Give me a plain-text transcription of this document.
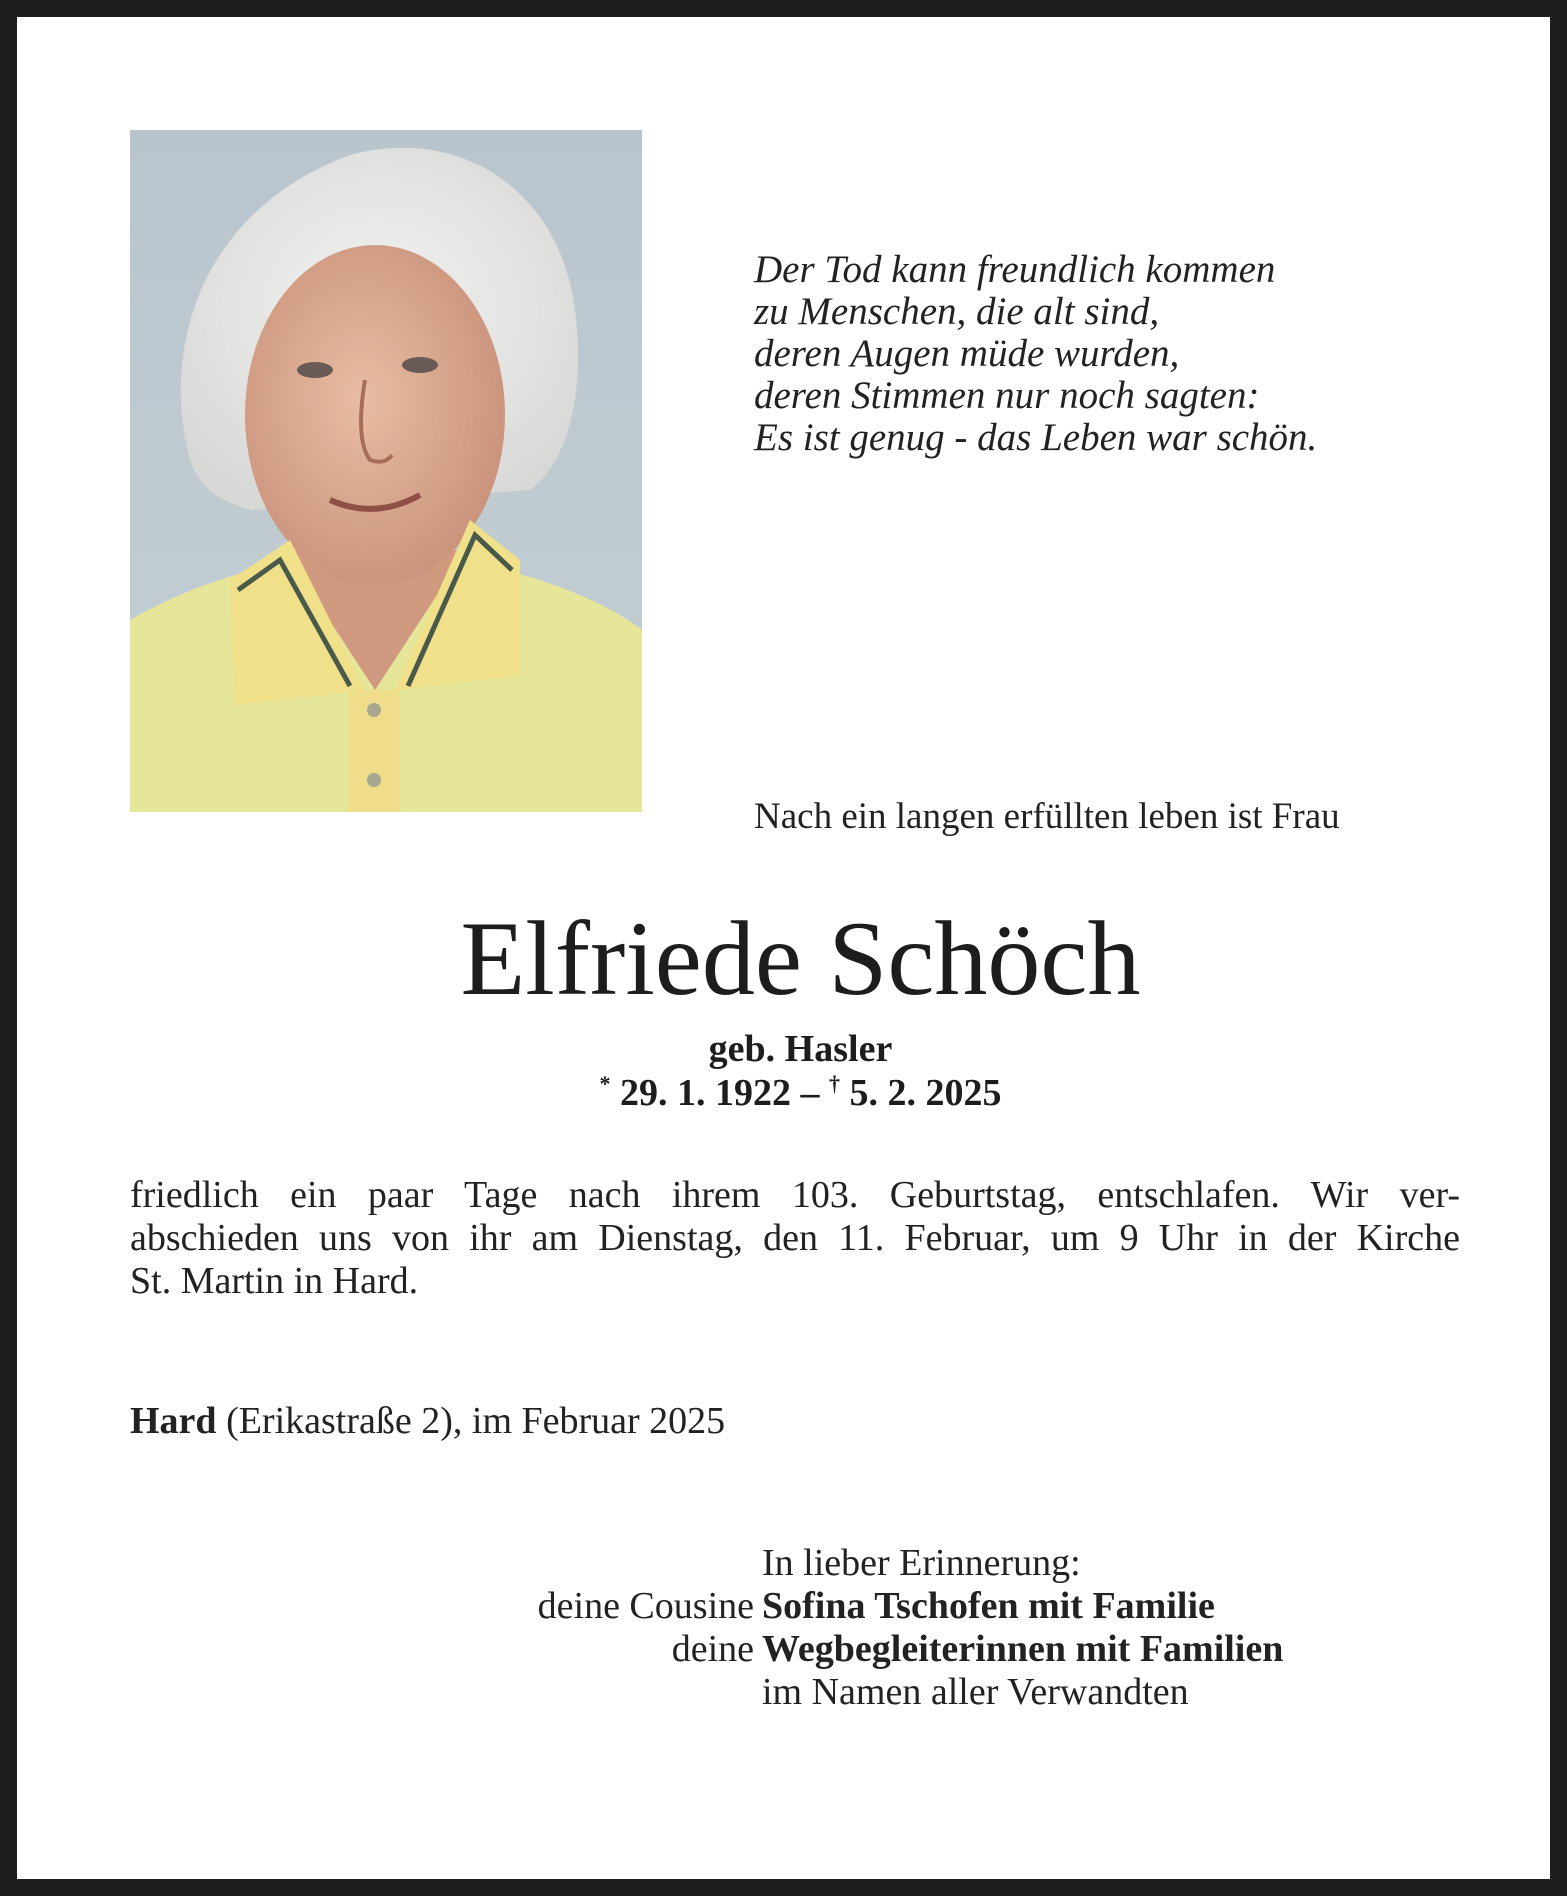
Der Tod kann freundlich kommen
zu Menschen, die alt sind,
deren Augen müde wurden,
deren Stimmen nur noch sagten:
Es ist genug - das Leben war schön.
Nach ein langen erfüllten leben ist Frau
Elfriede Schöch
geb. Hasler
* 29. 1. 1922 – † 5. 2. 2025
friedlich ein paar Tage nach ihrem 103. Geburtstag, entschlafen. Wir ver-
abschieden uns von ihr am Dienstag, den 11. Februar, um 9 Uhr in der Kirche
St. Martin in Hard.
Hard (Erikastraße 2), im Februar 2025
In lieber Erinnerung:
deine Cousine Sofina Tschofen mit Familie
deine Wegbegleiterinnen mit Familien
im Namen aller Verwandten
